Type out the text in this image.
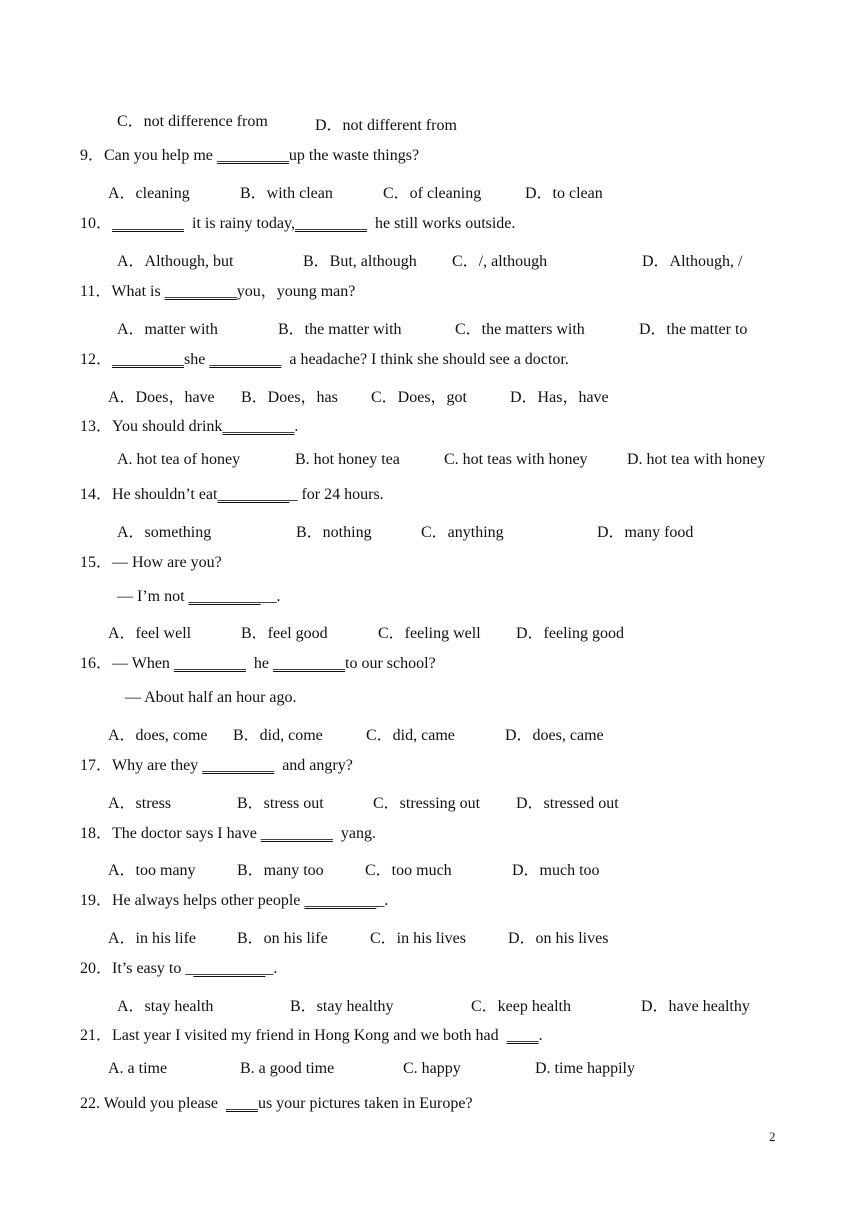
C．not difference from	D．not different from
9．Can you help me _________up the waste things?
A．cleaning	B．with clean	C．of cleaning	D．to clean
10．_________  it is rainy today,_________  he still works outside.
A．Although, but	B．But, although C．/, although	D．Although, /
11．What is _________you，young man?
A．matter with	B．the matter with	C．the matters with	D．the matter to
12．_________she _________  a headache? I think she should see a doctor.
A．Does，have B．Does，has C．Does，got	D．Has，have
13．You should drink_________.
A. hot tea of honey	B. hot honey tea	C. hot teas with honey D. hot tea with honey
14．He shouldn’t eat__________ for 24 hours.
A．something	B．nothing	C．anything	D．many food
15．— How are you?
— I’m not ___________.
A．feel well	B．feel good	C．feeling well D．feeling good
16．— When _________  he _________to our school?
— About half an hour ago.
A．does, come B．did, come	C．did, came	D．does, came
17．Why are they _________  and angry?
A．stress	B．stress out	C．stressing out D．stressed out
18．The doctor says I have _________  yang.
A．too many	B．many too	C．too much	D．much too
19．He always helps other people __________.
A．in his life	B．on his life	C．in his lives	D．on his lives
20．It’s easy to ___________.
A．stay health	B．stay healthy	C．keep health	D．have healthy
21．Last year I visited my friend in Hong Kong and we both had  ____.
A. a time	B. a good time	C. happy	D. time happily
22. Would you please  ____us your pictures taken in Europe?
2
